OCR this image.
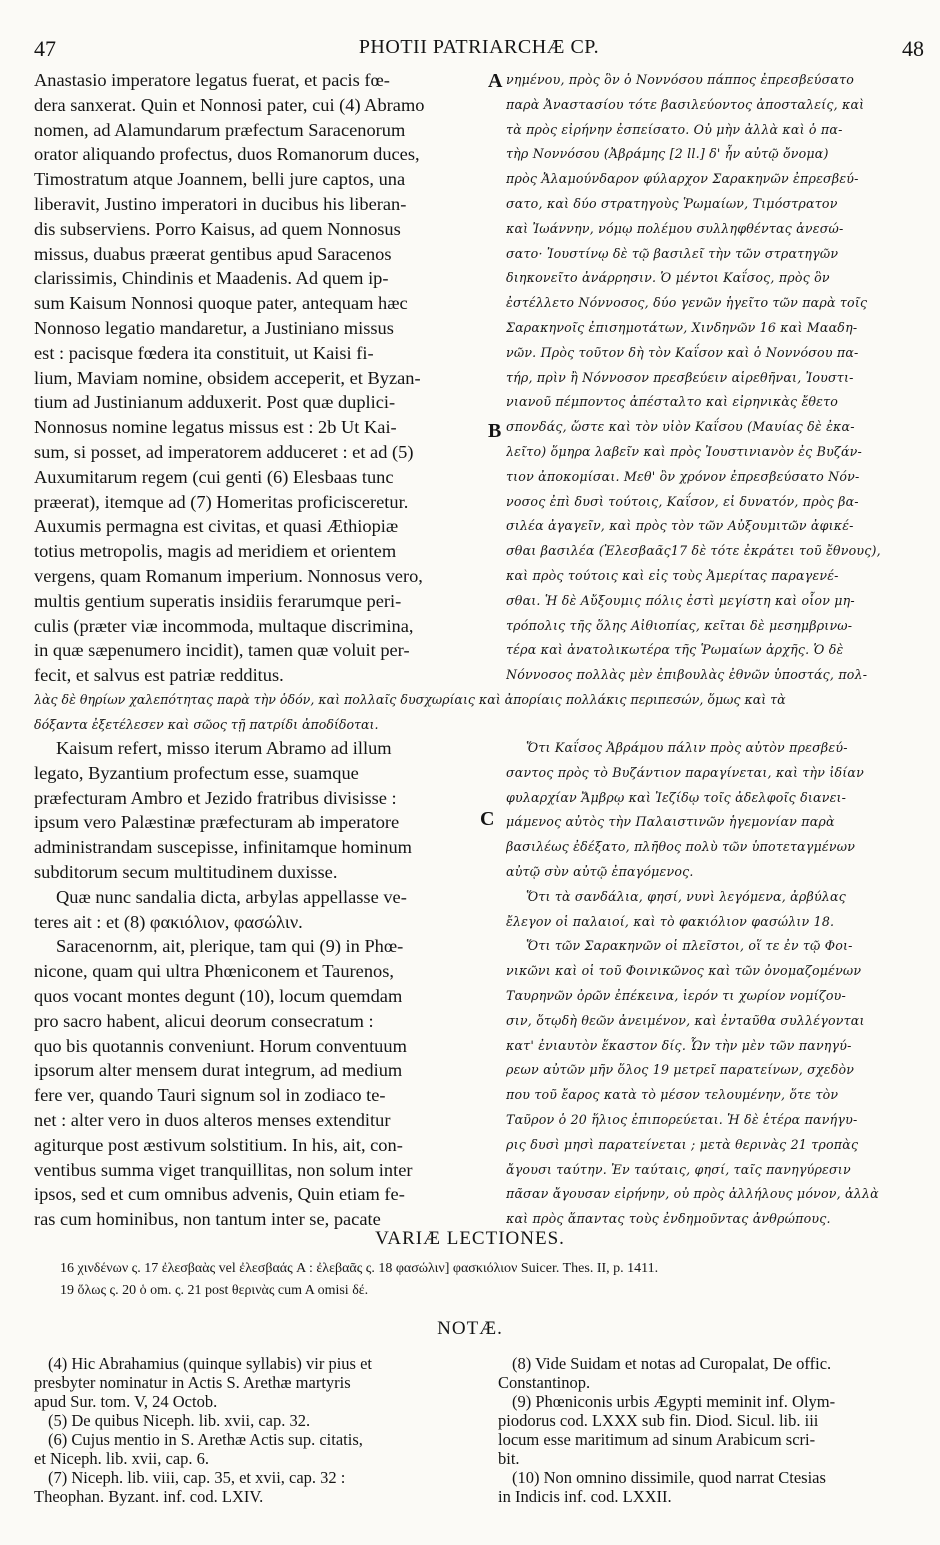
47	PHOTII PATRIARCHÆ CP.	48
Anastasio imperatore legatus fuerat, et pacis fœ-
dera sanxerat. Quin et Nonnosi pater, cui (4) Abramo
nomen, ad Alamundarum præfectum Saracenorum
orator aliquando profectus, duos Romanorum duces,
Timostratum atque Joannem, belli jure captos, una
liberavit, Justino imperatori in ducibus his liberan-
dis subserviens. Porro Kaisus, ad quem Nonnosus
missus, duabus præerat gentibus apud Saracenos
clarissimis, Chindinis et Maadenis. Ad quem ip-
sum Kaisum Nonnosi quoque pater, antequam hæc
Nonnoso legatio mandaretur, a Justiniano missus
est : pacisque fœdera ita constituit, ut Kaisi fi-
lium, Maviam nomine, obsidem acceperit, et Byzan-
tium ad Justinianum adduxerit. Post quæ duplici-
Nonnosus nomine legatus missus est : 2b Ut Kai-
sum, si posset, ad imperatorem adduceret : et ad (5)
Auxumitarum regem (cui genti (6) Elesbaas tunc
præerat), itemque ad (7) Homeritas proficisceretur.
Auxumis permagna est civitas, et quasi Æthiopiæ
totius metropolis, magis ad meridiem et orientem
vergens, quam Romanum imperium. Nonnosus vero,
multis gentium superatis insidiis ferarumque peri-
culis (præter viæ incommoda, multaque discrimina,
in quæ sæpenumero incidit), tamen quæ voluit per-
fecit, et salvus est patriæ redditus.
A
B
νημένου, πρὸς ὃν ὁ Νοννόσου πάππος ἐπρεσβεύσατο
παρὰ Ἀναστασίου τότε βασιλεύοντος ἀποσταλείς, καὶ
τὰ πρὸς εἰρήνην ἐσπείσατο. Οὐ μὴν ἀλλὰ καὶ ὁ πα-
τὴρ Νοννόσου (Ἀβράμης [2 ll.] δ' ἦν αὐτῷ ὄνομα)
πρὸς Ἀλαμούνδαρον φύλαρχον Σαρακηνῶν ἐπρεσβεύ-
σατο, καὶ δύο στρατηγοὺς Ῥωμαίων, Τιμόστρατον
καὶ Ἰωάννην, νόμῳ πολέμου συλληφθέντας ἀνεσώ-
σατο· Ἰουστίνῳ δὲ τῷ βασιλεῖ τὴν τῶν στρατηγῶν
διηκονεῖτο ἀνάρρησιν. Ὁ μέντοι Καΐσος, πρὸς ὃν
ἐστέλλετο Νόννοσος, δύο γενῶν ἡγεῖτο τῶν παρὰ τοῖς
Σαρακηνοῖς ἐπισημοτάτων, Χινδηνῶν 16 καὶ Μααδη-
νῶν. Πρὸς τοῦτον δὴ τὸν Καΐσον καὶ ὁ Νοννόσου πα-
τήρ, πρὶν ἢ Νόννοσον πρεσβεύειν αἱρεθῆναι, Ἰουστι-
νιανοῦ πέμποντος ἀπέσταλτο καὶ εἰρηνικὰς ἔθετο
σπονδάς, ὥστε καὶ τὸν υἱὸν Καΐσου (Μαυίας δὲ ἐκα-
λεῖτο) ὅμηρα λαβεῖν καὶ πρὸς Ἰουστινιανὸν ἐς Βυζάν-
τιον ἀποκομίσαι. Μεθ' ὃν χρόνον ἐπρεσβεύσατο Νόν-
νοσος ἐπὶ δυσὶ τούτοις, Καΐσον, εἰ δυνατόν, πρὸς βα-
σιλέα ἀγαγεῖν, καὶ πρὸς τὸν τῶν Αὐξουμιτῶν ἀφικέ-
σθαι βασιλέα (Ἐλεσβαᾶς17 δὲ τότε ἐκράτει τοῦ ἔθνους),
καὶ πρὸς τούτοις καὶ εἰς τοὺς Ἀμερίτας παραγενέ-
σθαι. Ἡ δὲ Αὔξουμις πόλις ἐστὶ μεγίστη καὶ οἷον μη-
τρόπολις τῆς ὅλης Αἰθιοπίας, κεῖται δὲ μεσημβρινω-
τέρα καὶ ἀνατολικωτέρα τῆς Ῥωμαίων ἀρχῆς. Ὁ δὲ
Νόννοσος πολλὰς μὲν ἐπιβουλὰς ἐθνῶν ὑποστάς, πολ-
λὰς δὲ θηρίων χαλεπότητας παρὰ τὴν ὁδόν, καὶ πολλαῖς δυσχωρίαις καὶ ἀπορίαις πολλάκις περιπεσών, ὅμως καὶ τὰ
δόξαντα ἐξετέλεσεν καὶ σῶος τῇ πατρίδι ἀποδίδοται.
Kaisum refert, misso iterum Abramo ad illum
legato, Byzantium profectum esse, suamque
præfecturam Ambro et Jezido fratribus divisisse :
ipsum vero Palæstinæ præfecturam ab imperatore
administrandam suscepisse, infinitamque hominum
subditorum secum multitudinem duxisse.
Quæ nunc sandalia dicta, arbylas appellasse ve-
teres ait : et (8) φακιόλιον, φασώλιν.
Saracenornm, ait, plerique, tam qui (9) in Phœ-
nicone, quam qui ultra Phœniconem et Taurenos,
quos vocant montes degunt (10), locum quemdam
pro sacro habent, alicui deorum consecratum :
quo bis quotannis conveniunt. Horum conventuum
ipsorum alter mensem durat integrum, ad medium
fere ver, quando Tauri signum sol in zodiaco te-
net : alter vero in duos alteros menses extenditur
agiturque post æstivum solstitium. In his, ait, con-
ventibus summa viget tranquillitas, non solum inter
ipsos, sed et cum omnibus advenis, Quin etiam fe-
ras cum hominibus, non tantum inter se, pacate
C
Ὅτι Καΐσος Ἀβράμου πάλιν πρὸς αὐτὸν πρεσβεύ-
σαντος πρὸς τὸ Βυζάντιον παραγίνεται, καὶ τὴν ἰδίαν
φυλαρχίαν Ἄμβρῳ καὶ Ἰεζίδῳ τοῖς ἀδελφοῖς διανει-
μάμενος αὐτὸς τὴν Παλαιστινῶν ἡγεμονίαν παρὰ
βασιλέως ἐδέξατο, πλῆθος πολὺ τῶν ὑποτεταγμένων
αὐτῷ σὺν αὐτῷ ἐπαγόμενος.
Ὅτι τὰ σανδάλια, φησί, νυνὶ λεγόμενα, ἀρβύλας
ἔλεγον οἱ παλαιοί, καὶ τὸ φακιόλιον φασώλιν 18.
Ὅτι τῶν Σαρακηνῶν οἱ πλεῖστοι, οἵ τε ἐν τῷ Φοι-
νικῶνι καὶ οἱ τοῦ Φοινικῶνος καὶ τῶν ὀνομαζομένων
Ταυρηνῶν ὀρῶν ἐπέκεινα, ἱερόν τι χωρίον νομίζου-
σιν, ὅτῳδὴ θεῶν ἀνειμένον, καὶ ἐνταῦθα συλλέγονται
κατ' ἐνιαυτὸν ἕκαστον δίς. Ὧν τὴν μὲν τῶν πανηγύ-
ρεων αὐτῶν μῆν ὅλος 19 μετρεῖ παρατείνων, σχεδὸν
που τοῦ ἔαρος κατὰ τὸ μέσον τελουμένην, ὅτε τὸν
Ταῦρον ὁ 20 ἥλιος ἐπιπορεύεται. Ἡ δὲ ἑτέρα πανήγυ-
ρις δυσὶ μησὶ παρατείνεται ; μετὰ θερινὰς 21 τροπὰς
ἄγουσι ταύτην. Ἐν ταύταις, φησί, ταῖς πανηγύρεσιν
πᾶσαν ἄγουσαν εἰρήνην, οὐ πρὸς ἀλλήλους μόνον, ἀλλὰ
καὶ πρὸς ἅπαντας τοὺς ἐνδημοῦντας ἀνθρώπους.
VARIÆ LECTIONES.
16 χινδένων ς. 17 ἐλεσβαὰς vel ἐλεσβαάς A : ἐλεβαᾶς ς. 18 φασώλιν] φασκιόλιον Suicer. Thes. II, p. 1411.
19 ὅλως ς. 20 ὁ om. ς. 21 post θερινὰς cum A omisi δέ.
NOTÆ.
(4) Hic Abrahamius (quinque syllabis) vir pius et
presbyter nominatur in Actis S. Arethæ martyris
apud Sur. tom. V, 24 Octob.
(5) De quibus Niceph. lib. xvii, cap. 32.
(6) Cujus mentio in S. Arethæ Actis sup. citatis,
et Niceph. lib. xvii, cap. 6.
(7) Niceph. lib. viii, cap. 35, et xvii, cap. 32 :
Theophan. Byzant. inf. cod. LXIV.
(8) Vide Suidam et notas ad Curopalat, De offic.
Constantinop.
(9) Phœniconis urbis Ægypti meminit inf. Olym-
piodorus cod. LXXX sub fin. Diod. Sicul. lib. iii
locum esse maritimum ad sinum Arabicum scri-
bit.
(10) Non omnino dissimile, quod narrat Ctesias
in Indicis inf. cod. LXXII.
